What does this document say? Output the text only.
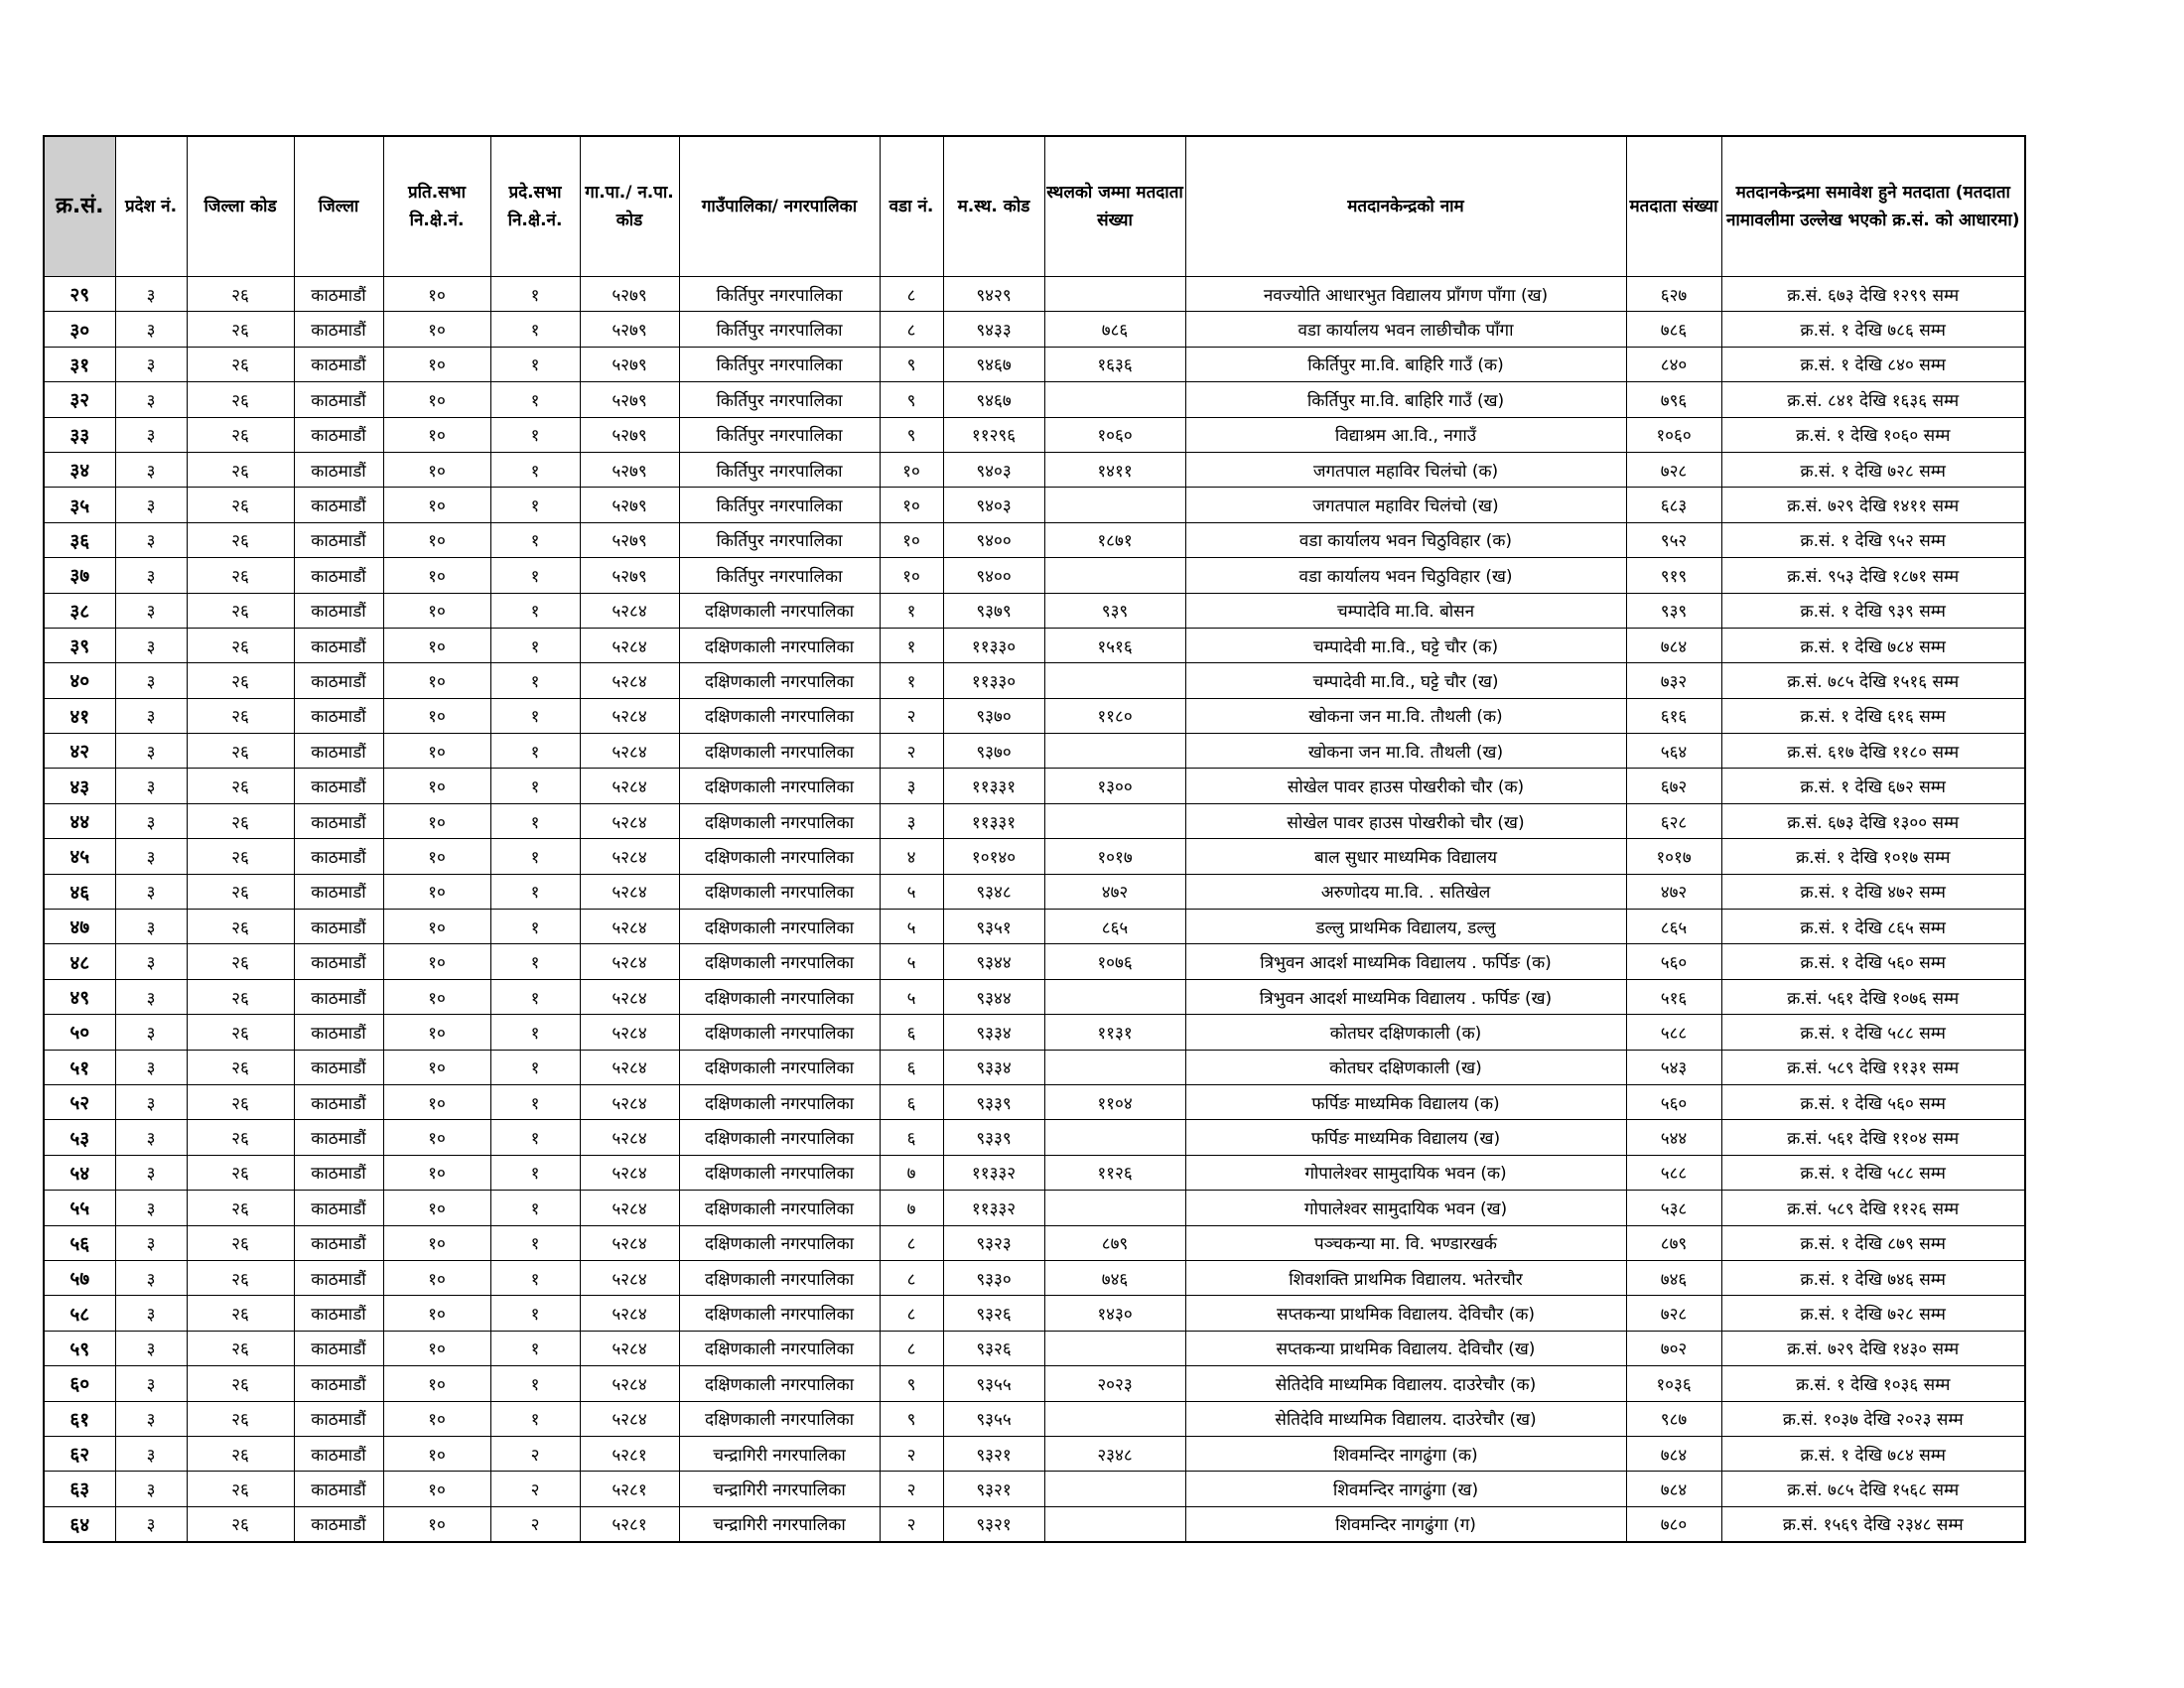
क्र.सं.	प्रदेश नं.	जिल्ला कोड	जिल्ला	प्रति.सभा नि.क्षे.नं.	प्रदे.सभा नि.क्षे.नं.	गा.पा./ न.पा. कोड	गाउँपालिका/ नगरपालिका	वडा नं.	म.स्थ. कोड	स्थलको जम्मा मतदाता संख्या	मतदानकेन्द्रको नाम	मतदाता संख्या	मतदानकेन्द्रमा समावेश हुने मतदाता (मतदाता नामावलीमा उल्लेख भएको क्र.सं. को आधारमा)
२९	३	२६	काठमाडौं	१०	१	५२७९	किर्तिपुर नगरपालिका	८	९४२९		नवज्योति आधारभुत विद्यालय प्राँगण पाँगा (ख)	६२७	क्र.सं. ६७३ देखि १२९९ सम्म
३०	३	२६	काठमाडौं	१०	१	५२७९	किर्तिपुर नगरपालिका	८	९४३३	७८६	वडा कार्यालय भवन लाछीचौक पाँगा	७८६	क्र.सं. १ देखि ७८६ सम्म
३१	३	२६	काठमाडौं	१०	१	५२७९	किर्तिपुर नगरपालिका	९	९४६७	१६३६	किर्तिपुर मा.वि. बाहिरि गाउँ (क)	८४०	क्र.सं. १ देखि ८४० सम्म
३२	३	२६	काठमाडौं	१०	१	५२७९	किर्तिपुर नगरपालिका	९	९४६७		किर्तिपुर मा.वि. बाहिरि गाउँ (ख)	७९६	क्र.सं. ८४१ देखि १६३६ सम्म
३३	३	२६	काठमाडौं	१०	१	५२७९	किर्तिपुर नगरपालिका	९	११२९६	१०६०	विद्याश्रम आ.वि., नगाउँ	१०६०	क्र.सं. १ देखि १०६० सम्म
३४	३	२६	काठमाडौं	१०	१	५२७९	किर्तिपुर नगरपालिका	१०	९४०३	१४११	जगतपाल महाविर चिलंचो (क)	७२८	क्र.सं. १ देखि ७२८ सम्म
३५	३	२६	काठमाडौं	१०	१	५२७९	किर्तिपुर नगरपालिका	१०	९४०३		जगतपाल महाविर चिलंचो (ख)	६८३	क्र.सं. ७२९ देखि १४११ सम्म
३६	३	२६	काठमाडौं	१०	१	५२७९	किर्तिपुर नगरपालिका	१०	९४००	१८७१	वडा कार्यालय भवन चिठुविहार (क)	९५२	क्र.सं. १ देखि ९५२ सम्म
३७	३	२६	काठमाडौं	१०	१	५२७९	किर्तिपुर नगरपालिका	१०	९४००		वडा कार्यालय भवन चिठुविहार (ख)	९१९	क्र.सं. ९५३ देखि १८७१ सम्म
३८	३	२६	काठमाडौं	१०	१	५२८४	दक्षिणकाली नगरपालिका	१	९३७९	९३९	चम्पादेवि मा.वि. बोसन	९३९	क्र.सं. १ देखि ९३९ सम्म
३९	३	२६	काठमाडौं	१०	१	५२८४	दक्षिणकाली नगरपालिका	१	११३३०	१५१६	चम्पादेवी मा.वि., घट्टे चौर (क)	७८४	क्र.सं. १ देखि ७८४ सम्म
४०	३	२६	काठमाडौं	१०	१	५२८४	दक्षिणकाली नगरपालिका	१	११३३०		चम्पादेवी मा.वि., घट्टे चौर (ख)	७३२	क्र.सं. ७८५ देखि १५१६ सम्म
४१	३	२६	काठमाडौं	१०	१	५२८४	दक्षिणकाली नगरपालिका	२	९३७०	११८०	खोकना जन मा.वि. तौथली (क)	६१६	क्र.सं. १ देखि ६१६ सम्म
४२	३	२६	काठमाडौं	१०	१	५२८४	दक्षिणकाली नगरपालिका	२	९३७०		खोकना जन मा.वि. तौथली (ख)	५६४	क्र.सं. ६१७ देखि ११८० सम्म
४३	३	२६	काठमाडौं	१०	१	५२८४	दक्षिणकाली नगरपालिका	३	११३३१	१३००	सोखेल पावर हाउस पोखरीको चौर (क)	६७२	क्र.सं. १ देखि ६७२ सम्म
४४	३	२६	काठमाडौं	१०	१	५२८४	दक्षिणकाली नगरपालिका	३	११३३१		सोखेल पावर हाउस पोखरीको चौर (ख)	६२८	क्र.सं. ६७३ देखि १३०० सम्म
४५	३	२६	काठमाडौं	१०	१	५२८४	दक्षिणकाली नगरपालिका	४	१०१४०	१०१७	बाल सुधार माध्यमिक विद्यालय	१०१७	क्र.सं. १ देखि १०१७ सम्म
४६	३	२६	काठमाडौं	१०	१	५२८४	दक्षिणकाली नगरपालिका	५	९३४८	४७२	अरुणोदय मा.वि. . सतिखेल	४७२	क्र.सं. १ देखि ४७२ सम्म
४७	३	२६	काठमाडौं	१०	१	५२८४	दक्षिणकाली नगरपालिका	५	९३५१	८६५	डल्लु प्राथमिक विद्यालय, डल्लु	८६५	क्र.सं. १ देखि ८६५ सम्म
४८	३	२६	काठमाडौं	१०	१	५२८४	दक्षिणकाली नगरपालिका	५	९३४४	१०७६	त्रिभुवन आदर्श माध्यमिक विद्यालय . फर्पिङ (क)	५६०	क्र.सं. १ देखि ५६० सम्म
४९	३	२६	काठमाडौं	१०	१	५२८४	दक्षिणकाली नगरपालिका	५	९३४४		त्रिभुवन आदर्श माध्यमिक विद्यालय . फर्पिङ (ख)	५१६	क्र.सं. ५६१ देखि १०७६ सम्म
५०	३	२६	काठमाडौं	१०	१	५२८४	दक्षिणकाली नगरपालिका	६	९३३४	११३१	कोतघर दक्षिणकाली (क)	५८८	क्र.सं. १ देखि ५८८ सम्म
५१	३	२६	काठमाडौं	१०	१	५२८४	दक्षिणकाली नगरपालिका	६	९३३४		कोतघर दक्षिणकाली (ख)	५४३	क्र.सं. ५८९ देखि ११३१ सम्म
५२	३	२६	काठमाडौं	१०	१	५२८४	दक्षिणकाली नगरपालिका	६	९३३९	११०४	फर्पिङ माध्यमिक विद्यालय (क)	५६०	क्र.सं. १ देखि ५६० सम्म
५३	३	२६	काठमाडौं	१०	१	५२८४	दक्षिणकाली नगरपालिका	६	९३३९		फर्पिङ माध्यमिक विद्यालय (ख)	५४४	क्र.सं. ५६१ देखि ११०४ सम्म
५४	३	२६	काठमाडौं	१०	१	५२८४	दक्षिणकाली नगरपालिका	७	११३३२	११२६	गोपालेश्वर सामुदायिक भवन (क)	५८८	क्र.सं. १ देखि ५८८ सम्म
५५	३	२६	काठमाडौं	१०	१	५२८४	दक्षिणकाली नगरपालिका	७	११३३२		गोपालेश्वर सामुदायिक भवन (ख)	५३८	क्र.सं. ५८९ देखि ११२६ सम्म
५६	३	२६	काठमाडौं	१०	१	५२८४	दक्षिणकाली नगरपालिका	८	९३२३	८७९	पञ्चकन्या मा. वि. भण्डारखर्क	८७९	क्र.सं. १ देखि ८७९ सम्म
५७	३	२६	काठमाडौं	१०	१	५२८४	दक्षिणकाली नगरपालिका	८	९३३०	७४६	शिवशक्ति प्राथमिक विद्यालय. भतेरचौर	७४६	क्र.सं. १ देखि ७४६ सम्म
५८	३	२६	काठमाडौं	१०	१	५२८४	दक्षिणकाली नगरपालिका	८	९३२६	१४३०	सप्तकन्या प्राथमिक विद्यालय. देविचौर (क)	७२८	क्र.सं. १ देखि ७२८ सम्म
५९	३	२६	काठमाडौं	१०	१	५२८४	दक्षिणकाली नगरपालिका	८	९३२६		सप्तकन्या प्राथमिक विद्यालय. देविचौर (ख)	७०२	क्र.सं. ७२९ देखि १४३० सम्म
६०	३	२६	काठमाडौं	१०	१	५२८४	दक्षिणकाली नगरपालिका	९	९३५५	२०२३	सेतिदेवि माध्यमिक विद्यालय. दाउरेचौर (क)	१०३६	क्र.सं. १ देखि १०३६ सम्म
६१	३	२६	काठमाडौं	१०	१	५२८४	दक्षिणकाली नगरपालिका	९	९३५५		सेतिदेवि माध्यमिक विद्यालय. दाउरेचौर (ख)	९८७	क्र.सं. १०३७ देखि २०२३ सम्म
६२	३	२६	काठमाडौं	१०	२	५२८१	चन्द्रागिरी नगरपालिका	२	९३२१	२३४८	शिवमन्दिर नागढुंगा (क)	७८४	क्र.सं. १ देखि ७८४ सम्म
६३	३	२६	काठमाडौं	१०	२	५२८१	चन्द्रागिरी नगरपालिका	२	९३२१		शिवमन्दिर नागढुंगा (ख)	७८४	क्र.सं. ७८५ देखि १५६८ सम्म
६४	३	२६	काठमाडौं	१०	२	५२८१	चन्द्रागिरी नगरपालिका	२	९३२१		शिवमन्दिर नागढुंगा (ग)	७८०	क्र.सं. १५६९ देखि २३४८ सम्म
